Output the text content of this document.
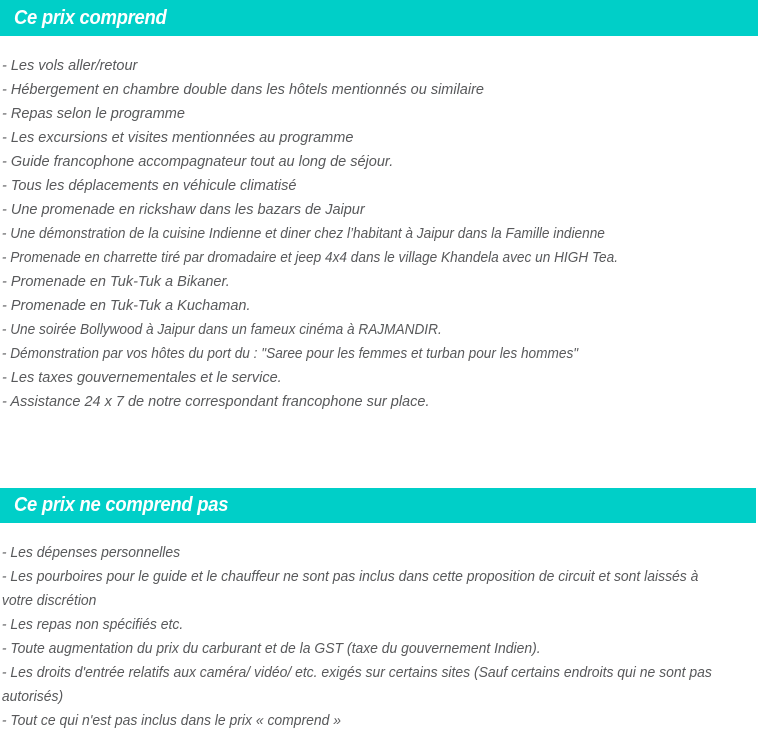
Ce prix comprend
- Les vols aller/retour
- Hébergement en chambre double dans les hôtels mentionnés ou similaire
- Repas selon le programme
- Les excursions et visites mentionnées au programme
- Guide francophone accompagnateur tout au long de séjour.
- Tous les déplacements en véhicule climatisé
- Une promenade en rickshaw dans les bazars de Jaipur
- Une démonstration de la cuisine Indienne et diner chez l’habitant à Jaipur dans la Famille indienne
- Promenade en charrette tiré par dromadaire et jeep 4x4 dans le village Khandela avec un HIGH Tea.
- Promenade en Tuk-Tuk a Bikaner.
- Promenade en Tuk-Tuk a Kuchaman.
- Une soirée Bollywood à Jaipur dans un fameux cinéma à RAJMANDIR.
- Démonstration par vos hôtes du port du : "Saree pour les femmes et turban pour les hommes"
- Les taxes gouvernementales et le service.
- Assistance 24 x 7 de notre correspondant francophone sur place.
Ce prix ne comprend pas
- Les dépenses personnelles
- Les pourboires pour le guide et le chauffeur ne sont pas inclus dans cette proposition de circuit et sont laissés à votre discrétion
- Les repas non spécifiés etc.
- Toute augmentation du prix du carburant et de la GST (taxe du gouvernement Indien).
- Les droits d'entrée relatifs aux caméra/ vidéo/ etc. exigés sur certains sites (Sauf certains endroits qui ne sont pas autorisés)
- Tout ce qui n'est pas inclus dans le prix « comprend »
